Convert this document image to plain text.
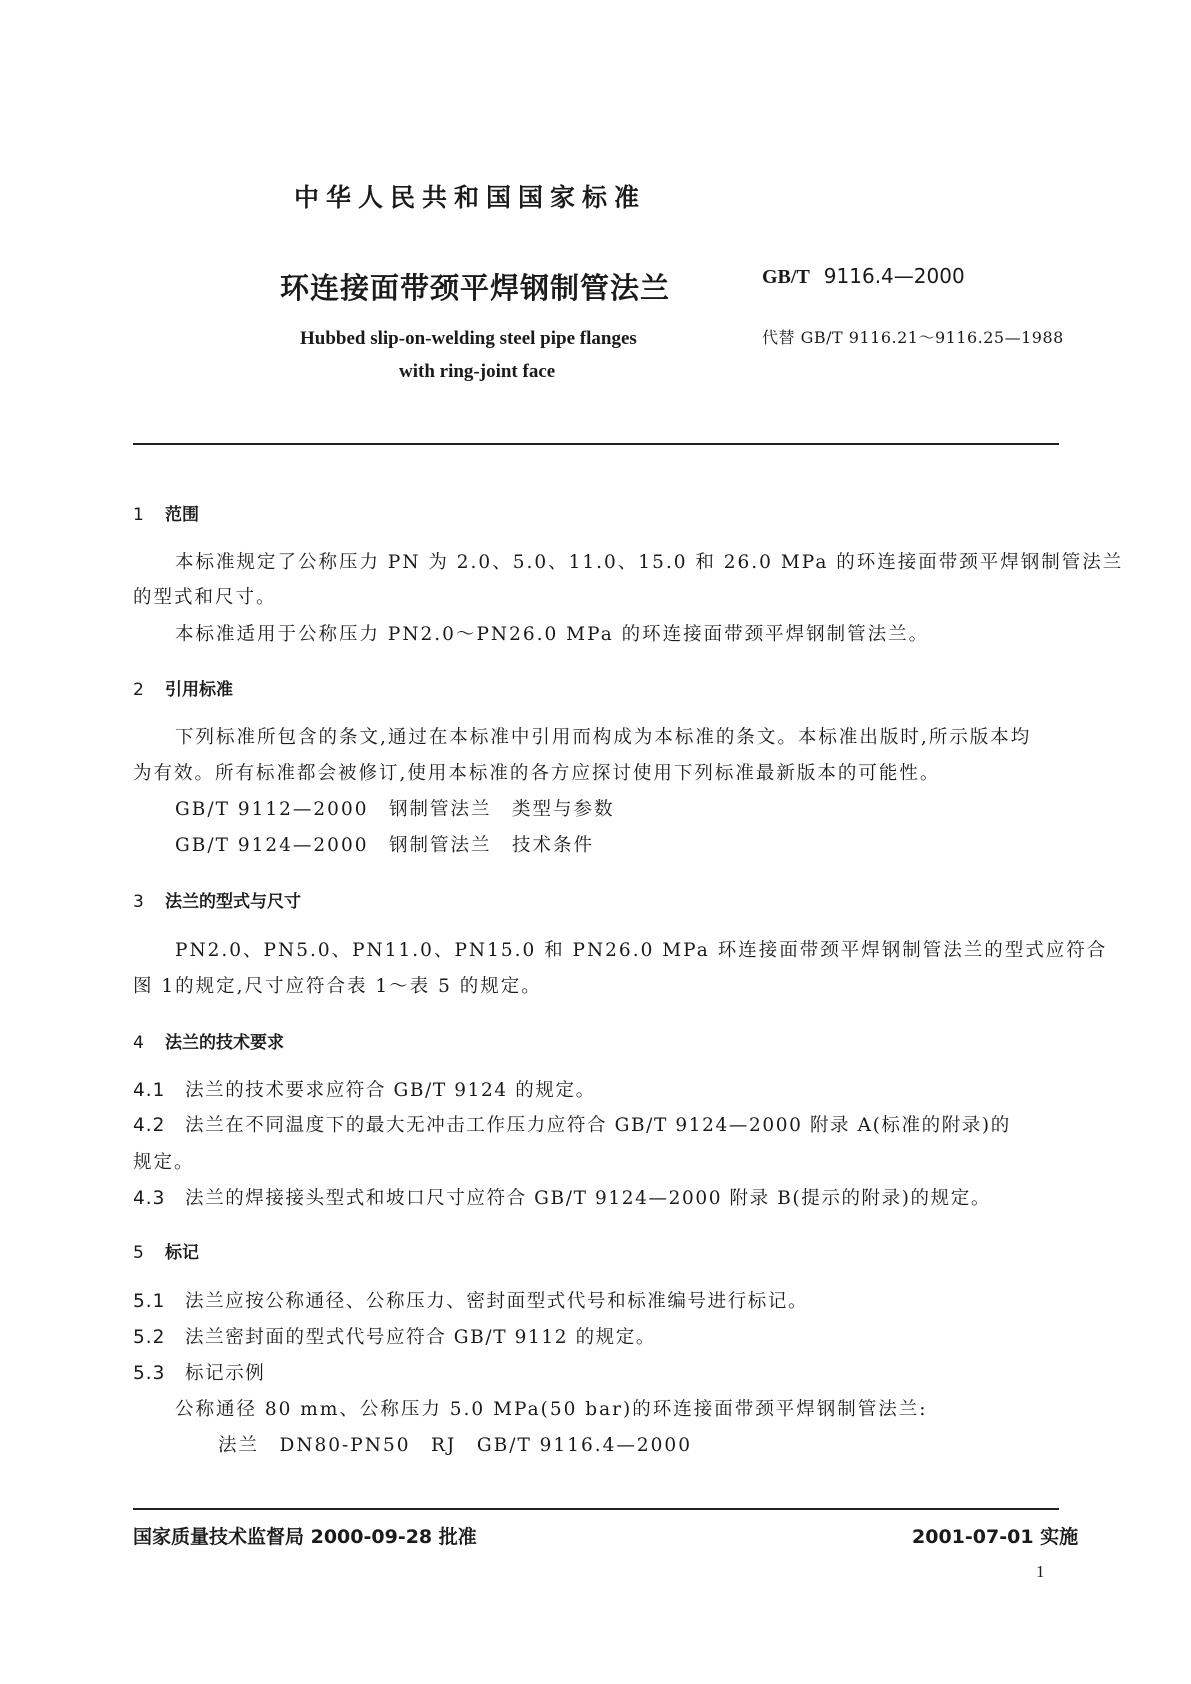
中华人民共和国国家标准
环连接面带颈平焊钢制管法兰	GB/T 9116.4—2000
Hubbed slip-on-welding steel pipe flanges
with ring-joint face
代替 GB/T 9116.21～9116.25—1988
1 范围
本标准规定了公称压力 PN 为 2.0、5.0、11.0、15.0 和 26.0 MPa 的环连接面带颈平焊钢制管法兰
的型式和尺寸。
本标准适用于公称压力 PN2.0～PN26.0 MPa 的环连接面带颈平焊钢制管法兰。
2 引用标准
下列标准所包含的条文,通过在本标准中引用而构成为本标准的条文。本标准出版时,所示版本均
为有效。所有标准都会被修订,使用本标准的各方应探讨使用下列标准最新版本的可能性。
GB/T 9112—2000　钢制管法兰　类型与参数
GB/T 9124—2000　钢制管法兰　技术条件
3 法兰的型式与尺寸
PN2.0、PN5.0、PN11.0、PN15.0 和 PN26.0 MPa 环连接面带颈平焊钢制管法兰的型式应符合
图 1的规定,尺寸应符合表 1～表 5 的规定。
4 法兰的技术要求
4.1 法兰的技术要求应符合 GB/T 9124 的规定。
4.2 法兰在不同温度下的最大无冲击工作压力应符合 GB/T 9124—2000 附录 A(标准的附录)的
规定。
4.3 法兰的焊接接头型式和坡口尺寸应符合 GB/T 9124—2000 附录 B(提示的附录)的规定。
5 标记
5.1 法兰应按公称通径、公称压力、密封面型式代号和标准编号进行标记。
5.2 法兰密封面的型式代号应符合 GB/T 9112 的规定。
5.3 标记示例
公称通径 80 mm、公称压力 5.0 MPa(50 bar)的环连接面带颈平焊钢制管法兰:
法兰　DN80-PN50　RJ　GB/T 9116.4—2000
国家质量技术监督局 2000-09-28 批准	2001-07-01 实施
1
